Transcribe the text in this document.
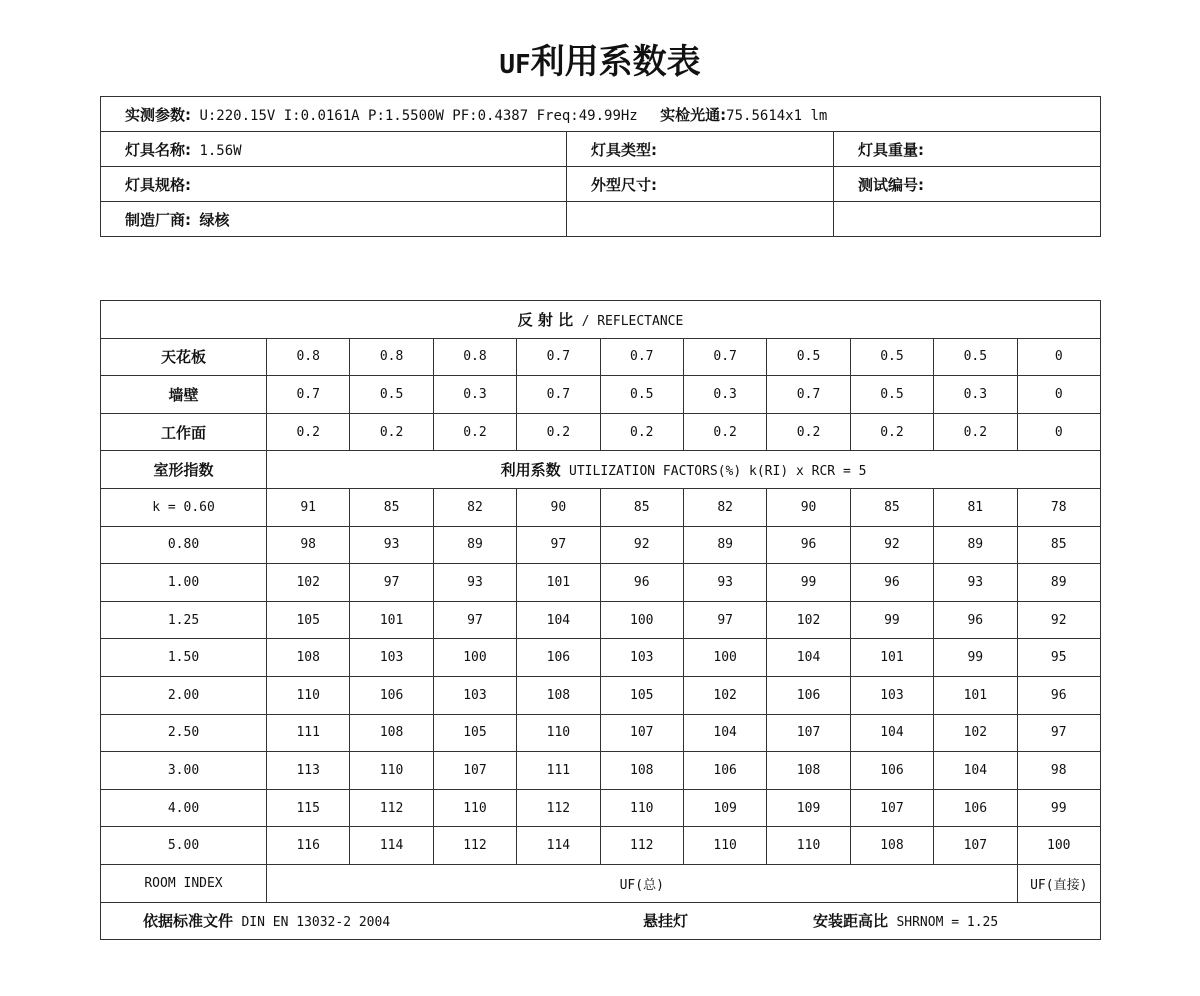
UF利用系数表
实测参数: U:220.15V I:0.0161A P:1.5500W PF:0.4387 Freq:49.99Hz 实检光通:75.5614x1 lm		
灯具名称: 1.56W	灯具类型:	灯具重量:
灯具规格:	外型尺寸:	测试编号:
制造厂商: 绿核		
反 射 比 / REFLECTANCE										
天花板	0.8	0.8	0.8	0.7	0.7	0.7	0.5	0.5	0.5	0
墙壁	0.7	0.5	0.3	0.7	0.5	0.3	0.7	0.5	0.3	0
工作面	0.2	0.2	0.2	0.2	0.2	0.2	0.2	0.2	0.2	0
室形指数	利用系数 UTILIZATION FACTORS(%) k(RI) x RCR = 5									
k = 0.60	91	85	82	90	85	82	90	85	81	78
0.80	98	93	89	97	92	89	96	92	89	85
1.00	102	97	93	101	96	93	99	96	93	89
1.25	105	101	97	104	100	97	102	99	96	92
1.50	108	103	100	106	103	100	104	101	99	95
2.00	110	106	103	108	105	102	106	103	101	96
2.50	111	108	105	110	107	104	107	104	102	97
3.00	113	110	107	111	108	106	108	106	104	98
4.00	115	112	110	112	110	109	109	107	106	99
5.00	116	114	112	114	112	110	110	108	107	100
ROOM INDEX	UF(总)									UF(直接)
依据标准文件 DIN EN 13032-2 2004 悬挂灯 安装距高比 SHRNOM = 1.25										
